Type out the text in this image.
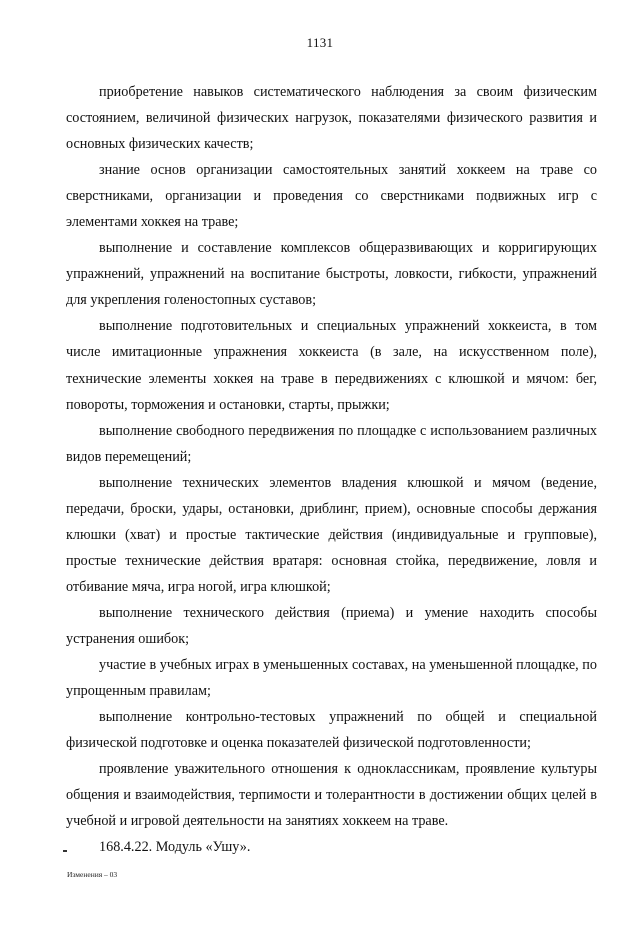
1131

приобретение навыков систематического наблюдения за своим физическим состоянием, величиной физических нагрузок, показателями физического развития и основных физических качеств;

знание основ организации самостоятельных занятий хоккеем на траве со сверстниками, организации и проведения со сверстниками подвижных игр с элементами хоккея на траве;

выполнение и составление комплексов общеразвивающих и корригирующих упражнений, упражнений на воспитание быстроты, ловкости, гибкости, упражнений для укрепления голеностопных суставов;

выполнение подготовительных и специальных упражнений хоккеиста, в том числе имитационные упражнения хоккеиста (в зале, на искусственном поле), технические элементы хоккея на траве в передвижениях с клюшкой и мячом: бег, повороты, торможения и остановки, старты, прыжки;

выполнение свободного передвижения по площадке с использованием различных видов перемещений;

выполнение технических элементов владения клюшкой и мячом (ведение, передачи, броски, удары, остановки, дриблинг, прием), основные способы держания клюшки (хват) и простые тактические действия (индивидуальные и групповые), простые технические действия вратаря: основная стойка, передвижение, ловля и отбивание мяча, игра ногой, игра клюшкой;

выполнение технического действия (приема) и умение находить способы устранения ошибок;

участие в учебных играх в уменьшенных составах, на уменьшенной площадке, по упрощенным правилам;

выполнение контрольно-тестовых упражнений по общей и специальной физической подготовке и оценка показателей физической подготовленности;

проявление уважительного отношения к одноклассникам, проявление культуры общения и взаимодействия, терпимости и толерантности в достижении общих целей в учебной и игровой деятельности на занятиях хоккеем на траве.

168.4.22. Модуль «Ушу».

Изменения – 03
